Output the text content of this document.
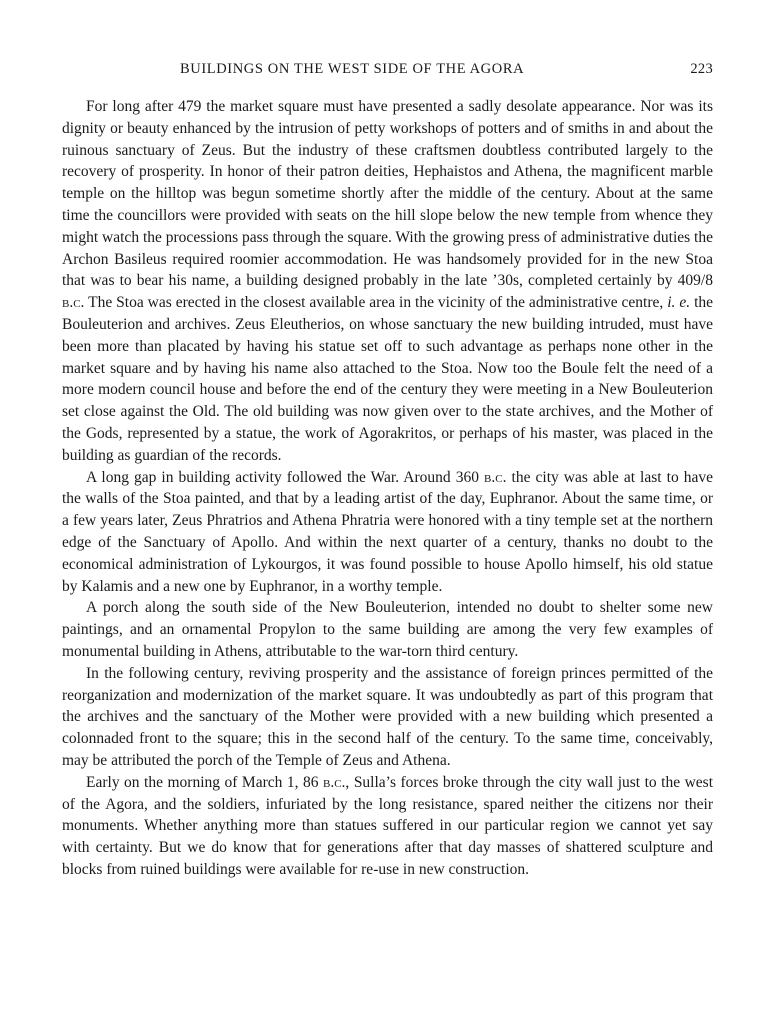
BUILDINGS ON THE WEST SIDE OF THE AGORA	223

For long after 479 the market square must have presented a sadly desolate appearance. Nor was its dignity or beauty enhanced by the intrusion of petty workshops of potters and of smiths in and about the ruinous sanctuary of Zeus. But the industry of these craftsmen doubtless contributed largely to the recovery of prosperity. In honor of their patron deities, Hephaistos and Athena, the magnificent marble temple on the hilltop was begun sometime shortly after the middle of the century. About at the same time the councillors were provided with seats on the hill slope below the new temple from whence they might watch the processions pass through the square. With the growing press of administrative duties the Archon Basileus required roomier accommodation. He was handsomely provided for in the new Stoa that was to bear his name, a building designed probably in the late ’30s, completed certainly by 409/8 b.c. The Stoa was erected in the closest available area in the vicinity of the administrative centre, i. e. the Bouleuterion and archives. Zeus Eleutherios, on whose sanctuary the new building intruded, must have been more than placated by having his statue set off to such advantage as perhaps none other in the market square and by having his name also attached to the Stoa. Now too the Boule felt the need of a more modern council house and before the end of the century they were meeting in a New Bouleuterion set close against the Old. The old building was now given over to the state archives, and the Mother of the Gods, represented by a statue, the work of Agorakritos, or perhaps of his master, was placed in the building as guardian of the records.

A long gap in building activity followed the War. Around 360 b.c. the city was able at last to have the walls of the Stoa painted, and that by a leading artist of the day, Euphranor. About the same time, or a few years later, Zeus Phratrios and Athena Phratria were honored with a tiny temple set at the northern edge of the Sanctuary of Apollo. And within the next quarter of a century, thanks no doubt to the economical administration of Lykourgos, it was found possible to house Apollo himself, his old statue by Kalamis and a new one by Euphranor, in a worthy temple.

A porch along the south side of the New Bouleuterion, intended no doubt to shelter some new paintings, and an ornamental Propylon to the same building are among the very few examples of monumental building in Athens, attributable to the war-torn third century.

In the following century, reviving prosperity and the assistance of foreign princes permitted of the reorganization and modernization of the market square. It was undoubtedly as part of this program that the archives and the sanctuary of the Mother were provided with a new building which presented a colonnaded front to the square; this in the second half of the century. To the same time, conceivably, may be attributed the porch of the Temple of Zeus and Athena.

Early on the morning of March 1, 86 b.c., Sulla’s forces broke through the city wall just to the west of the Agora, and the soldiers, infuriated by the long resistance, spared neither the citizens nor their monuments. Whether anything more than statues suffered in our particular region we cannot yet say with certainty. But we do know that for generations after that day masses of shattered sculpture and blocks from ruined buildings were available for re-use in new construction.
